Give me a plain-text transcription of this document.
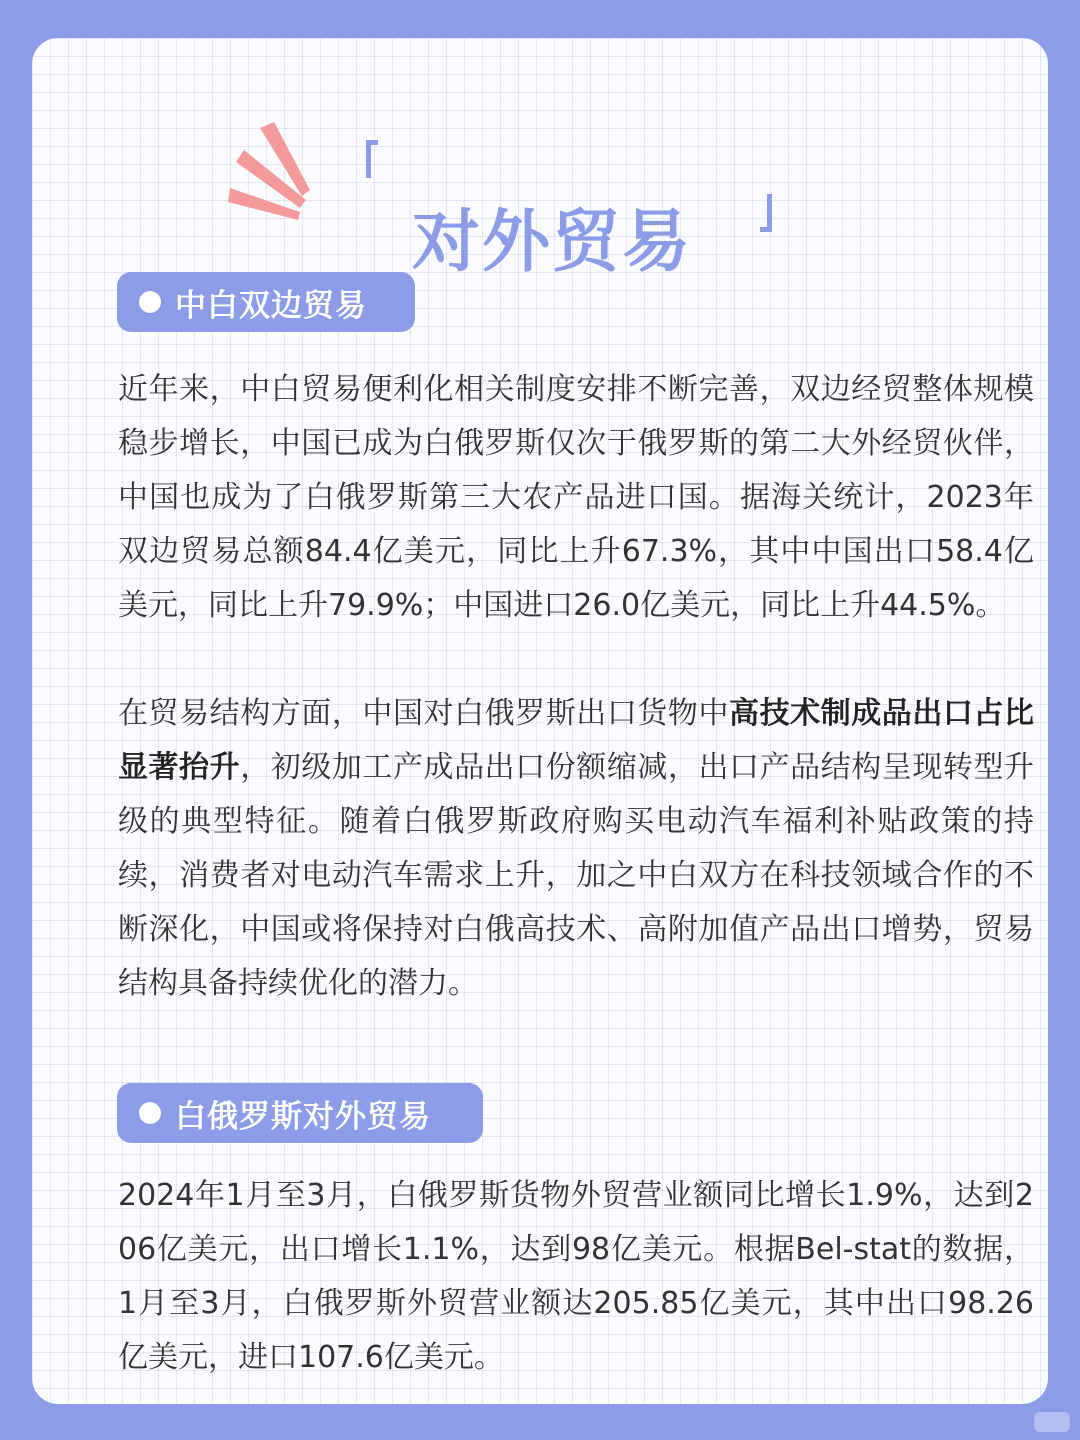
对外贸易
中白双边贸易

近年来，中白贸易便利化相关制度安排不断完善，双边经贸整体规模稳步增长，中国已成为白俄罗斯仅次于俄罗斯的第二大外经贸伙伴，中国也成为了白俄罗斯第三大农产品进口国。据海关统计，2023年双边贸易总额84.4亿美元，同比上升67.3%，其中中国出口58.4亿美元，同比上升79.9%；中国进口26.0亿美元，同比上升44.5%。

在贸易结构方面，中国对白俄罗斯出口货物中高技术制成品出口占比显著抬升，初级加工产成品出口份额缩减，出口产品结构呈现转型升级的典型特征。随着白俄罗斯政府购买电动汽车福利补贴政策的持续，消费者对电动汽车需求上升，加之中白双方在科技领域合作的不断深化，中国或将保持对白俄高技术、高附加值产品出口增势，贸易结构具备持续优化的潜力。

白俄罗斯对外贸易

2024年1月至3月，白俄罗斯货物外贸营业额同比增长1.9%，达到206亿美元，出口增长1.1%，达到98亿美元。根据Bel-stat的数据，1月至3月，白俄罗斯外贸营业额达205.85亿美元，其中出口98.26亿美元，进口107.6亿美元。
